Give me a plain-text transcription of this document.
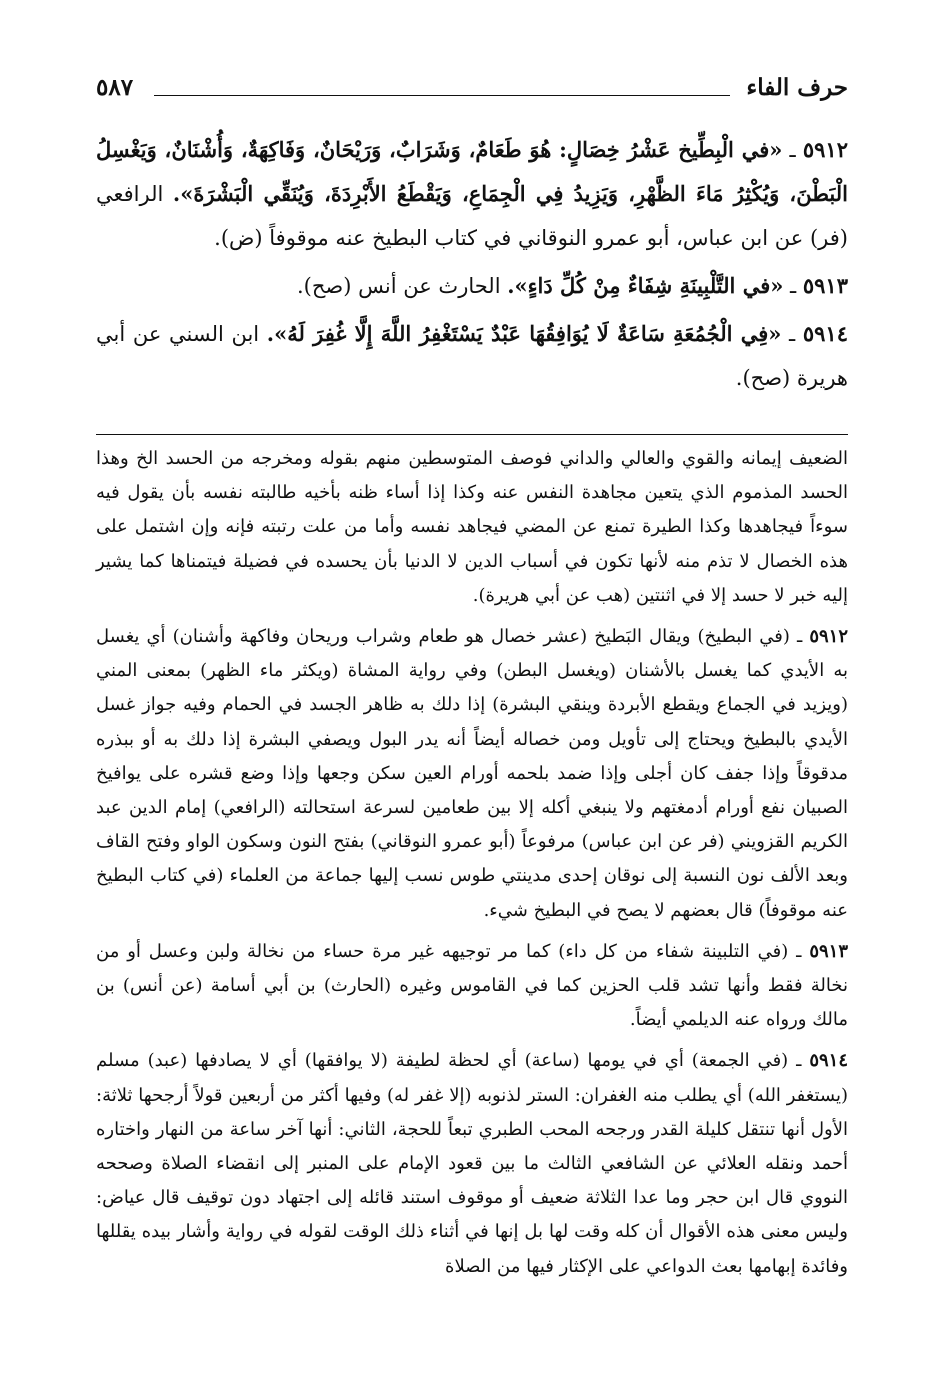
حرف الفاء
٥٨٧

٥٩١٢ ـ «في الْبِطِّيخ عَشْرُ خِصَالٍ: هُوَ طَعَامٌ، وَشَرَابٌ، وَرَيْحَانٌ، وَفَاكِهَةٌ، وَأُشْنَانٌ، وَيَغْسِلُ الْبَطْنَ، وَيُكْثِرُ مَاءَ الظَّهْرِ، وَيَزِيدُ فِي الْجِمَاعِ، وَيَقْطَعُ الأَبْرِدَةَ، وَيُنَقِّي الْبَشْرَةَ». الرافعي (فر) عن ابن عباس، أبو عمرو النوقاني في كتاب البطيخ عنه موقوفاً (ض).

٥٩١٣ ـ «في التَّلْبِينَةِ شِفَاءٌ مِنْ كُلِّ دَاءٍ». الحارث عن أنس (صح).

٥٩١٤ ـ «فِي الْجُمُعَةِ سَاعَةٌ لَا يُوَافِقُهَا عَبْدٌ يَسْتَغْفِرُ اللَّهَ إِلَّا غُفِرَ لَهُ». ابن السني عن أبي هريرة (صح).

الضعيف إيمانه والقوي والعالي والداني فوصف المتوسطين منهم بقوله ومخرجه من الحسد الخ وهذا الحسد المذموم الذي يتعين مجاهدة النفس عنه وكذا إذا أساء ظنه بأخيه طالبته نفسه بأن يقول فيه سوءاً فيجاهدها وكذا الطيرة تمنع عن المضي فيجاهد نفسه وأما من علت رتبته فإنه وإن اشتمل على هذه الخصال لا تذم منه لأنها تكون في أسباب الدين لا الدنيا بأن يحسده في فضيلة فيتمناها كما يشير إليه خبر لا حسد إلا في اثنتين (هب عن أبي هريرة).

٥٩١٢ ـ (في البطيخ) ويقال البَطيخ (عشر خصال هو طعام وشراب وريحان وفاكهة وأشنان) أي يغسل به الأيدي كما يغسل بالأشنان (ويغسل البطن) وفي رواية المشاة (ويكثر ماء الظهر) بمعنى المني (ويزيد في الجماع ويقطع الأبردة وينقي البشرة) إذا دلك به ظاهر الجسد في الحمام وفيه جواز غسل الأيدي بالبطيخ ويحتاج إلى تأويل ومن خصاله أيضاً أنه يدر البول ويصفي البشرة إذا دلك به أو ببذره مدقوقاً وإذا جفف كان أجلى وإذا ضمد بلحمه أورام العين سكن وجعها وإذا وضع قشره على يوافيخ الصبيان نفع أورام أدمغتهم ولا ينبغي أكله إلا بين طعامين لسرعة استحالته (الرافعي) إمام الدين عبد الكريم القزويني (فر عن ابن عباس) مرفوعاً (أبو عمرو النوقاني) بفتح النون وسكون الواو وفتح القاف وبعد الألف نون النسبة إلى نوقان إحدى مدينتي طوس نسب إليها جماعة من العلماء (في كتاب البطيخ عنه موقوفاً) قال بعضهم لا يصح في البطيخ شيء.

٥٩١٣ ـ (في التلبينة شفاء من كل داء) كما مر توجيهه غير مرة حساء من نخالة ولبن وعسل أو من نخالة فقط وأنها تشد قلب الحزين كما في القاموس وغيره (الحارث) بن أبي أسامة (عن أنس) بن مالك ورواه عنه الديلمي أيضاً.

٥٩١٤ ـ (في الجمعة) أي في يومها (ساعة) أي لحظة لطيفة (لا يوافقها) أي لا يصادفها (عبد) مسلم (يستغفر الله) أي يطلب منه الغفران: الستر لذنوبه (إلا غفر له) وفيها أكثر من أربعين قولاً أرجحها ثلاثة: الأول أنها تنتقل كليلة القدر ورجحه المحب الطبري تبعاً للحجة، الثاني: أنها آخر ساعة من النهار واختاره أحمد ونقله العلائي عن الشافعي الثالث ما بين قعود الإمام على المنبر إلى انقضاء الصلاة وصححه النووي قال ابن حجر وما عدا الثلاثة ضعيف أو موقوف استند قائله إلى اجتهاد دون توقيف قال عياض: وليس معنى هذه الأقوال أن كله وقت لها بل إنها في أثناء ذلك الوقت لقوله في رواية وأشار بيده يقللها وفائدة إبهامها بعث الدواعي على الإكثار فيها من الصلاة
